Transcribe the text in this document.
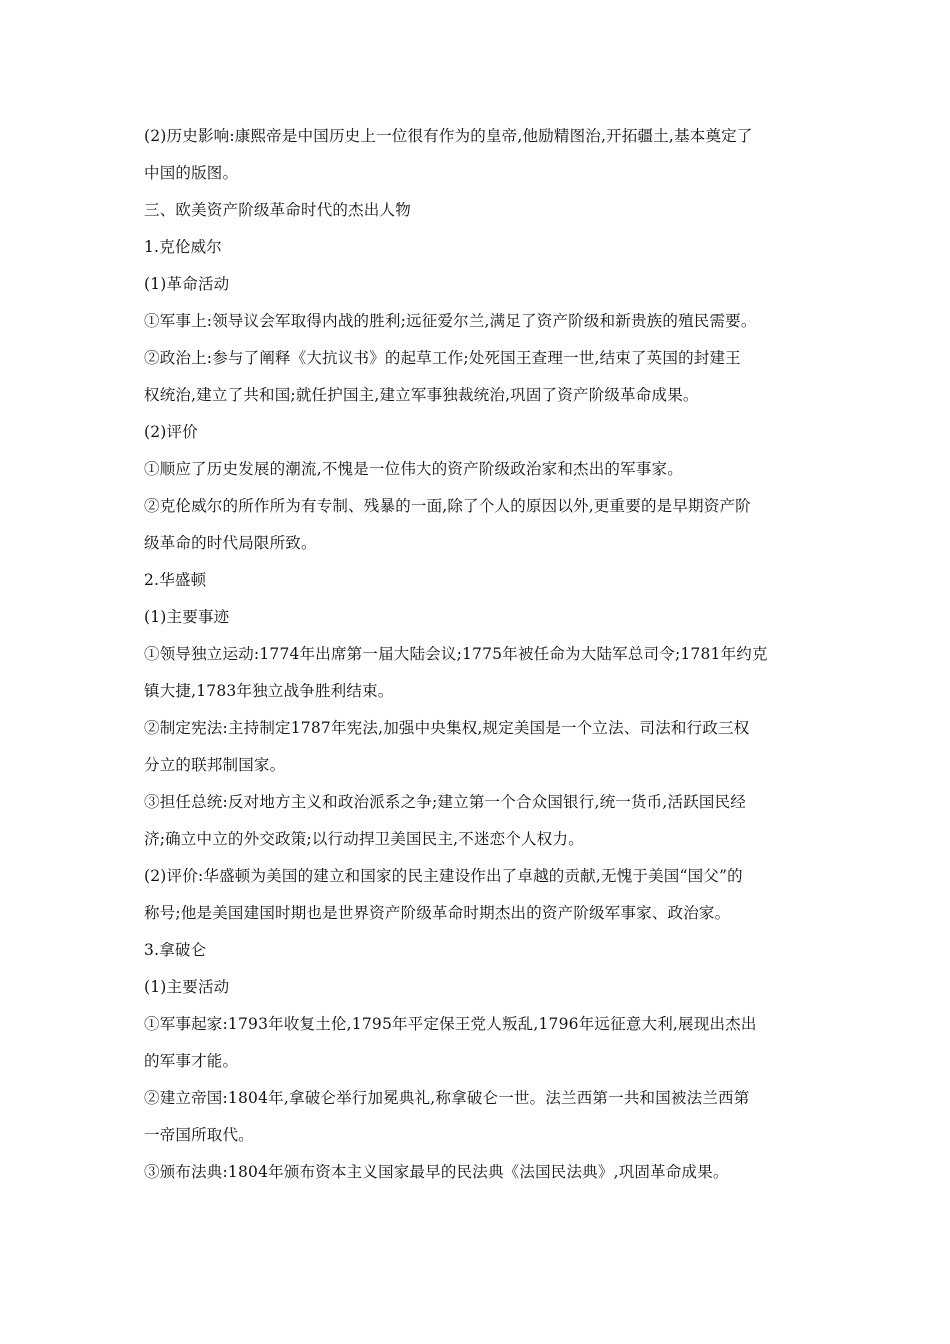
(2)历史影响:康熙帝是中国历史上一位很有作为的皇帝,他励精图治,开拓疆土,基本奠定了
中国的版图。
三、欧美资产阶级革命时代的杰出人物
1.克伦威尔
(1)革命活动
①军事上:领导议会军取得内战的胜利;远征爱尔兰,满足了资产阶级和新贵族的殖民需要。
②政治上:参与了阐释《大抗议书》的起草工作;处死国王查理一世,结束了英国的封建王
权统治,建立了共和国;就任护国主,建立军事独裁统治,巩固了资产阶级革命成果。
(2)评价
①顺应了历史发展的潮流,不愧是一位伟大的资产阶级政治家和杰出的军事家。
②克伦威尔的所作所为有专制、残暴的一面,除了个人的原因以外,更重要的是早期资产阶
级革命的时代局限所致。
2.华盛顿
(1)主要事迹
①领导独立运动:1774年出席第一届大陆会议;1775年被任命为大陆军总司令;1781年约克
镇大捷,1783年独立战争胜利结束。
②制定宪法:主持制定1787年宪法,加强中央集权,规定美国是一个立法、司法和行政三权
分立的联邦制国家。
③担任总统:反对地方主义和政治派系之争;建立第一个合众国银行,统一货币,活跃国民经
济;确立中立的外交政策;以行动捍卫美国民主,不迷恋个人权力。
(2)评价:华盛顿为美国的建立和国家的民主建设作出了卓越的贡献,无愧于美国“国父”的
称号;他是美国建国时期也是世界资产阶级革命时期杰出的资产阶级军事家、政治家。
3.拿破仑
(1)主要活动
①军事起家:1793年收复土伦,1795年平定保王党人叛乱,1796年远征意大利,展现出杰出
的军事才能。
②建立帝国:1804年,拿破仑举行加冕典礼,称拿破仑一世。法兰西第一共和国被法兰西第
一帝国所取代。
③颁布法典:1804年颁布资本主义国家最早的民法典《法国民法典》,巩固革命成果。
